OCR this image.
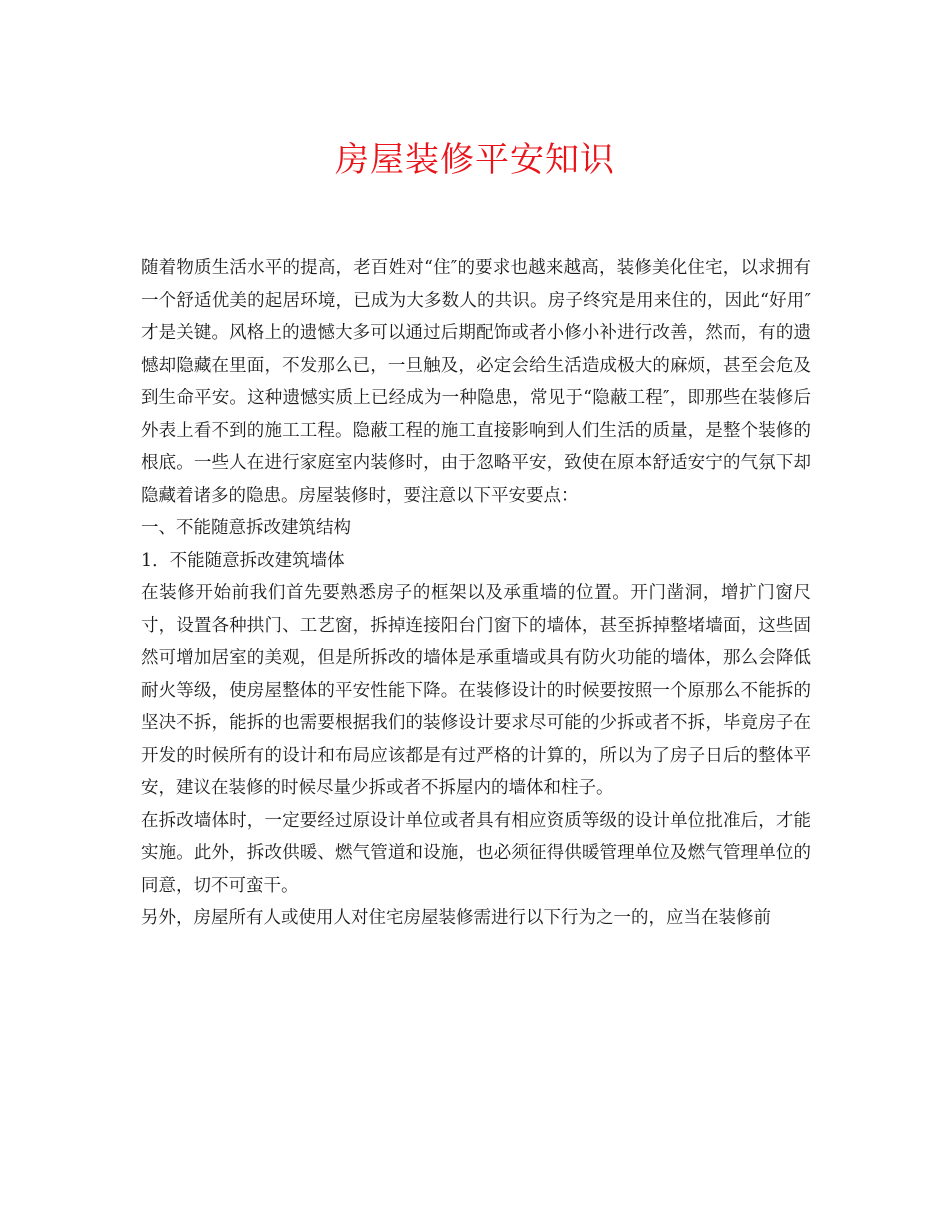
房屋装修平安知识

随着物质生活水平的提高，老百姓对“住″的要求也越来越高，装修美化住宅，以求拥有一个舒适优美的起居环境，已成为大多数人的共识。房子终究是用来住的，因此“好用″才是关键。风格上的遗憾大多可以通过后期配饰或者小修小补进行改善，然而，有的遗憾却隐藏在里面，不发那么已，一旦触及，必定会给生活造成极大的麻烦，甚至会危及到生命平安。这种遗憾实质上已经成为一种隐患，常见于“隐蔽工程″，即那些在装修后外表上看不到的施工工程。隐蔽工程的施工直接影响到人们生活的质量，是整个装修的根底。一些人在进行家庭室内装修时，由于忽略平安，致使在原本舒适安宁的气氛下却隐藏着诸多的隐患。房屋装修时，要注意以下平安要点：

一、不能随意拆改建筑结构

1．不能随意拆改建筑墙体

在装修开始前我们首先要熟悉房子的框架以及承重墙的位置。开门凿洞，增扩门窗尺寸，设置各种拱门、工艺窗，拆掉连接阳台门窗下的墙体，甚至拆掉整堵墙面，这些固然可增加居室的美观，但是所拆改的墙体是承重墙或具有防火功能的墙体，那么会降低耐火等级，使房屋整体的平安性能下降。在装修设计的时候要按照一个原那么不能拆的坚决不拆，能拆的也需要根据我们的装修设计要求尽可能的少拆或者不拆，毕竟房子在开发的时候所有的设计和布局应该都是有过严格的计算的，所以为了房子日后的整体平安，建议在装修的时候尽量少拆或者不拆屋内的墙体和柱子。

在拆改墙体时，一定要经过原设计单位或者具有相应资质等级的设计单位批准后，才能实施。此外，拆改供暖、燃气管道和设施，也必须征得供暖管理单位及燃气管理单位的同意，切不可蛮干。

另外，房屋所有人或使用人对住宅房屋装修需进行以下行为之一的，应当在装修前
